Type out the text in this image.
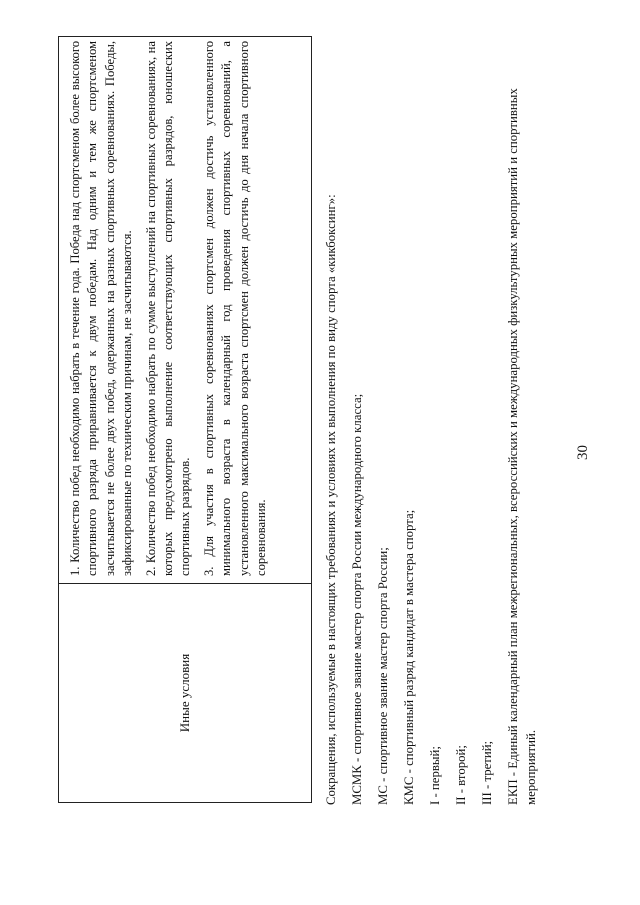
30
Иные условия

1. Количество побед необходимо набрать в течение года. Победа над спортсменом более высокого спортивного разряда приравнивается к двум победам. Над одним и тем же спортсменом засчитывается не более двух побед, одержанных на разных спортивных соревнованиях. Победы, зафиксированные по техническим причинам, не засчитываются. 2. Количество побед необходимо набрать по сумме выступлений на спортивных соревнованиях, на которых предусмотрено выполнение соответствующих спортивных разрядов, юношеских спортивных разрядов. 3. Для участия в спортивных соревнованиях спортсмен должен достичь установленного минимального возраста в календарный год проведения спортивных соревнований, а установленного максимального возраста спортсмен должен достичь до дня начала спортивного соревнования.	Сокращения, используемые в настоящих требованиях и условиях их выполнения по виду спорта «кикбоксинг»: МСМК - спортивное звание мастер спорта России международного класса; МС - спортивное звание мастер спорта России; КМС - спортивный разряд кандидат в мастера спорта; I - первый; II - второй; III - третий; ЕКП - Единый календарный план межрегиональных, всероссийских и международных физкультурных мероприятий и спортивных мероприятий.
